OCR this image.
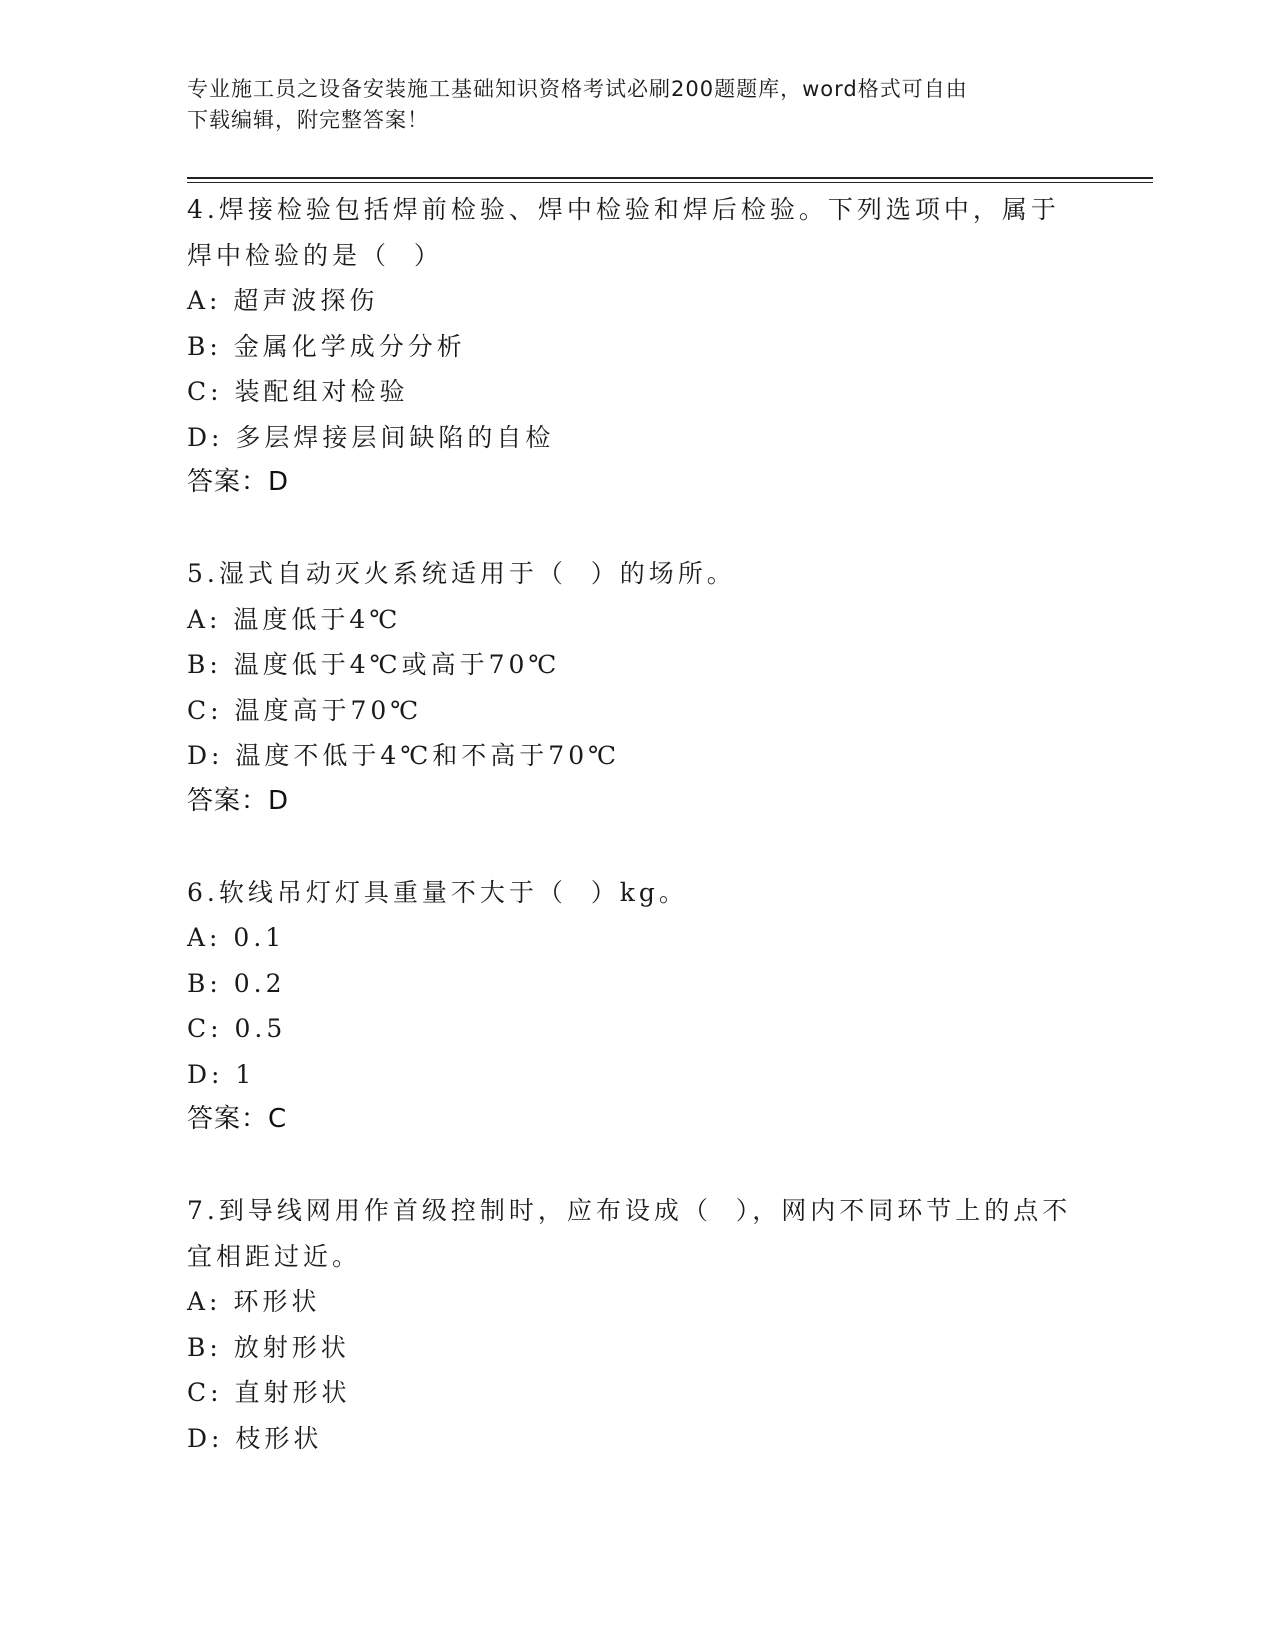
专业施工员之设备安装施工基础知识资格考试必刷200题题库，word格式可自由
下载编辑，附完整答案！
4.焊接检验包括焊前检验、焊中检验和焊后检验。下列选项中，属于
焊中检验的是（  ）
A: 超声波探伤
B: 金属化学成分分析
C: 装配组对检验
D: 多层焊接层间缺陷的自检
答案：D
5.湿式自动灭火系统适用于（  ）的场所。
A: 温度低于4℃
B: 温度低于4℃或高于70℃
C: 温度高于70℃
D: 温度不低于4℃和不高于70℃
答案：D
6.软线吊灯灯具重量不大于（  ）kg。
A: 0.1
B: 0.2
C: 0.5
D: 1
答案：C
7.到导线网用作首级控制时，应布设成（  ），网内不同环节上的点不
宜相距过近。
A: 环形状
B: 放射形状
C: 直射形状
D: 枝形状
